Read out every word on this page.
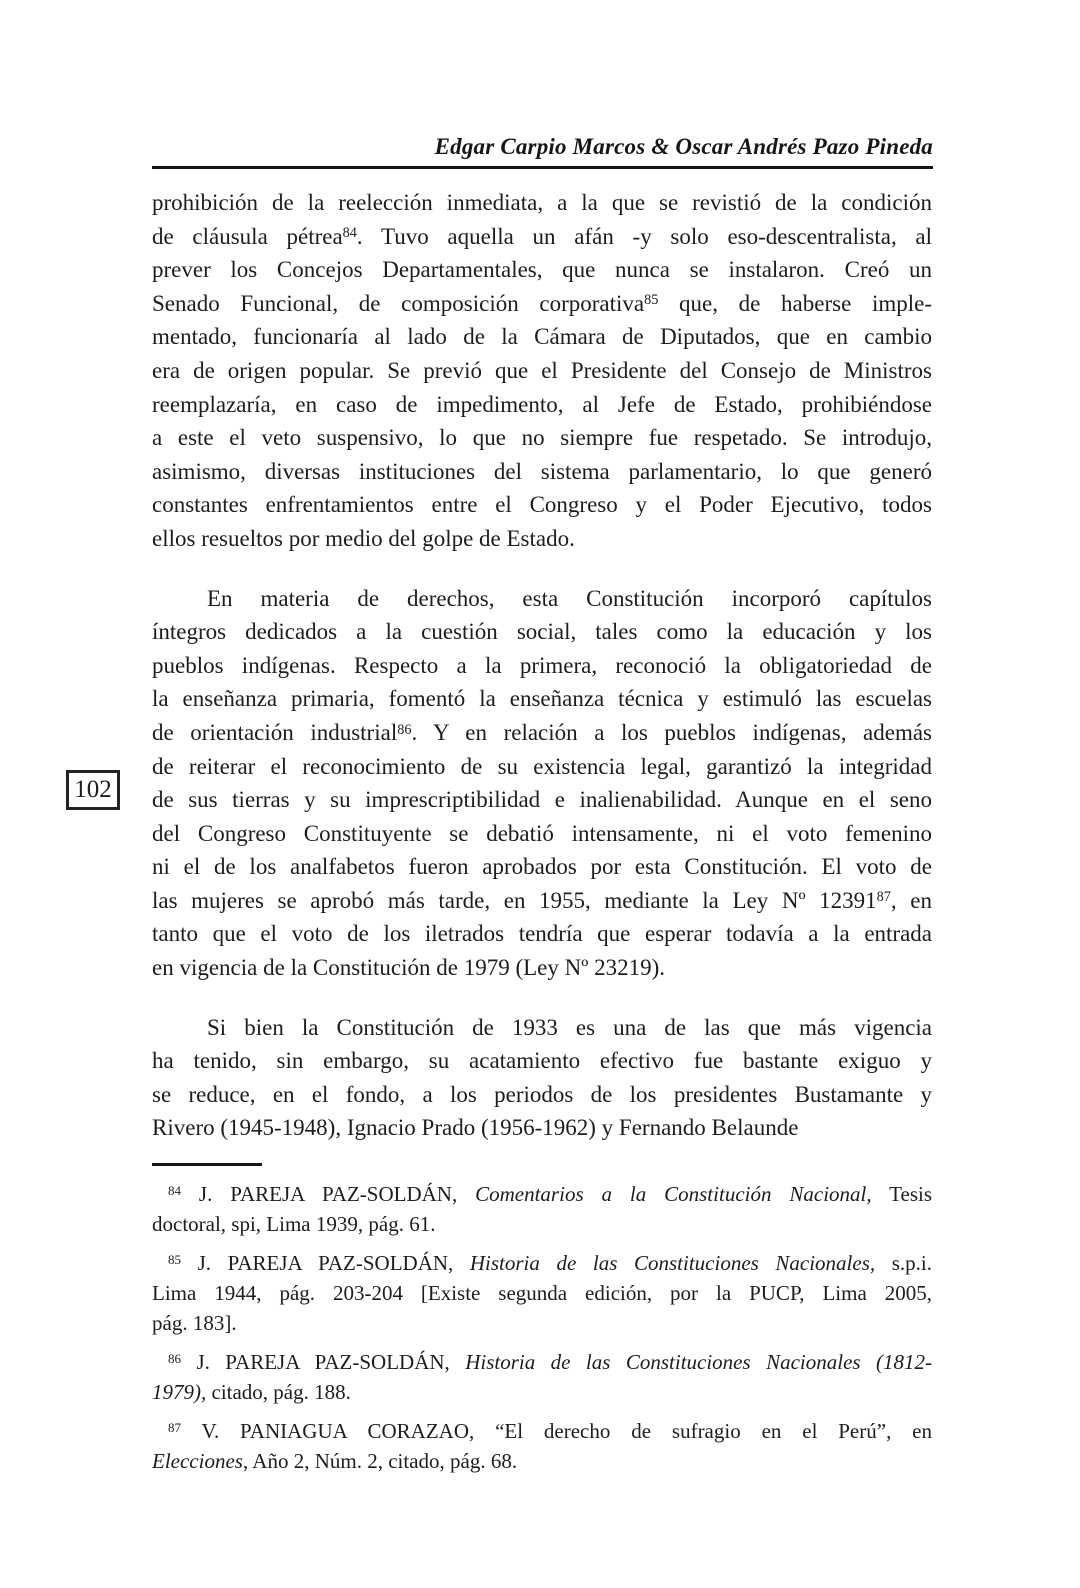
Edgar Carpio Marcos & Oscar Andrés Pazo Pineda
102
prohibición de la reelección inmediata, a la que se revistió de la condición
de cláusula pétrea$^{84}$. Tuvo aquella un afán -y solo eso-descentralista, al
prever los Concejos Departamentales, que nunca se instalaron. Creó un
Senado Funcional, de composición corporativa$^{85}$ que, de haberse imple-
mentado, funcionaría al lado de la Cámara de Diputados, que en cambio
era de origen popular. Se previó que el Presidente del Consejo de Ministros
reemplazaría, en caso de impedimento, al Jefe de Estado, prohibiéndose
a este el veto suspensivo, lo que no siempre fue respetado. Se introdujo,
asimismo, diversas instituciones del sistema parlamentario, lo que generó
constantes enfrentamientos entre el Congreso y el Poder Ejecutivo, todos
ellos resueltos por medio del golpe de Estado.
En materia de derechos, esta Constitución incorporó capítulos
íntegros dedicados a la cuestión social, tales como la educación y los
pueblos indígenas. Respecto a la primera, reconoció la obligatoriedad de
la enseñanza primaria, fomentó la enseñanza técnica y estimuló las escuelas
de orientación industrial$^{86}$. Y en relación a los pueblos indígenas, además
de reiterar el reconocimiento de su existencia legal, garantizó la integridad
de sus tierras y su imprescriptibilidad e inalienabilidad. Aunque en el seno
del Congreso Constituyente se debatió intensamente, ni el voto femenino
ni el de los analfabetos fueron aprobados por esta Constitución. El voto de
las mujeres se aprobó más tarde, en 1955, mediante la Ley Nº 12391$^{87}$, en
tanto que el voto de los iletrados tendría que esperar todavía a la entrada
en vigencia de la Constitución de 1979 (Ley Nº 23219).
Si bien la Constitución de 1933 es una de las que más vigencia
ha tenido, sin embargo, su acatamiento efectivo fue bastante exiguo y
se reduce, en el fondo, a los periodos de los presidentes Bustamante y
Rivero (1945-1948), Ignacio Prado (1956-1962) y Fernando Belaunde
$^{84}$ J. PAREJA PAZ-SOLDÁN, Comentarios a la Constitución Nacional, Tesis
doctoral, spi, Lima 1939, pág. 61.
$^{85}$ J. PAREJA PAZ-SOLDÁN, Historia de las Constituciones Nacionales, s.p.i.
Lima 1944, pág. 203-204 [Existe segunda edición, por la PUCP, Lima 2005,
pág. 183].
$^{86}$ J. PAREJA PAZ-SOLDÁN, Historia de las Constituciones Nacionales (1812-
1979), citado, pág. 188.
$^{87}$ V. PANIAGUA CORAZAO, “El derecho de sufragio en el Perú”, en
Elecciones, Año 2, Núm. 2, citado, pág. 68.
